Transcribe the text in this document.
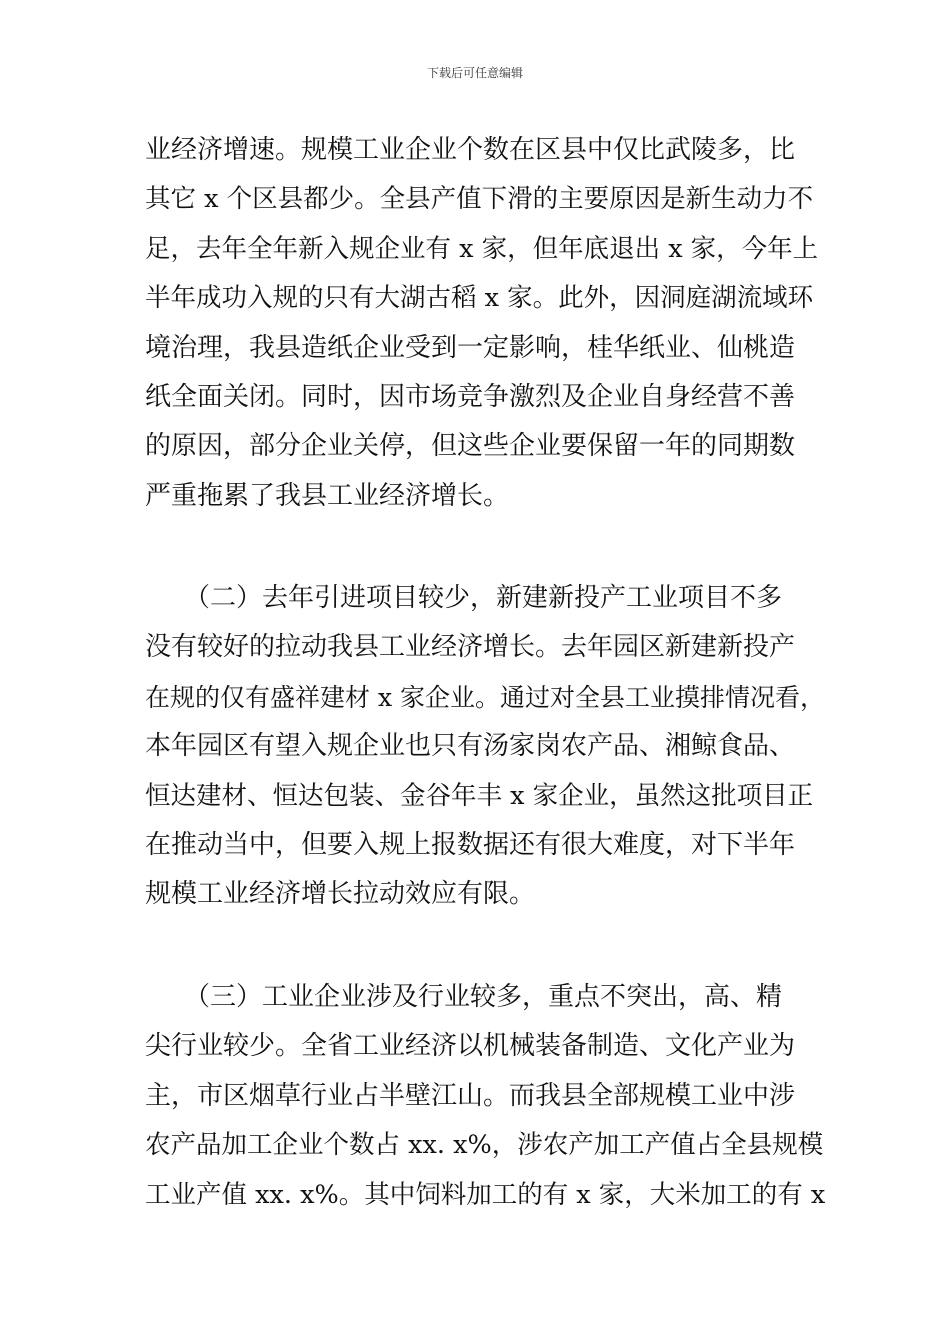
下载后可任意编辑
业经济增速。规模工业企业个数在区县中仅比武陵多，比
其它 x 个区县都少。全县产值下滑的主要原因是新生动力不
足，去年全年新入规企业有 x 家，但年底退出 x 家，今年上
半年成功入规的只有大湖古稻 x 家。此外，因洞庭湖流域环
境治理，我县造纸企业受到一定影响，桂华纸业、仙桃造
纸全面关闭。同时，因市场竞争激烈及企业自身经营不善
的原因，部分企业关停，但这些企业要保留一年的同期数
严重拖累了我县工业经济增长。
　　（二）去年引进项目较少，新建新投产工业项目不多
没有较好的拉动我县工业经济增长。去年园区新建新投产
在规的仅有盛祥建材 x 家企业。通过对全县工业摸排情况看，
本年园区有望入规企业也只有汤家岗农产品、湘鲸食品、
恒达建材、恒达包装、金谷年丰 x 家企业，虽然这批项目正
在推动当中，但要入规上报数据还有很大难度，对下半年
规模工业经济增长拉动效应有限。
　　（三）工业企业涉及行业较多，重点不突出，高、精
尖行业较少。全省工业经济以机械装备制造、文化产业为
主，市区烟草行业占半壁江山。而我县全部规模工业中涉
农产品加工企业个数占 xx. x%，涉农产加工产值占全县规模
工业产值 xx. x%。其中饲料加工的有 x 家，大米加工的有 x
